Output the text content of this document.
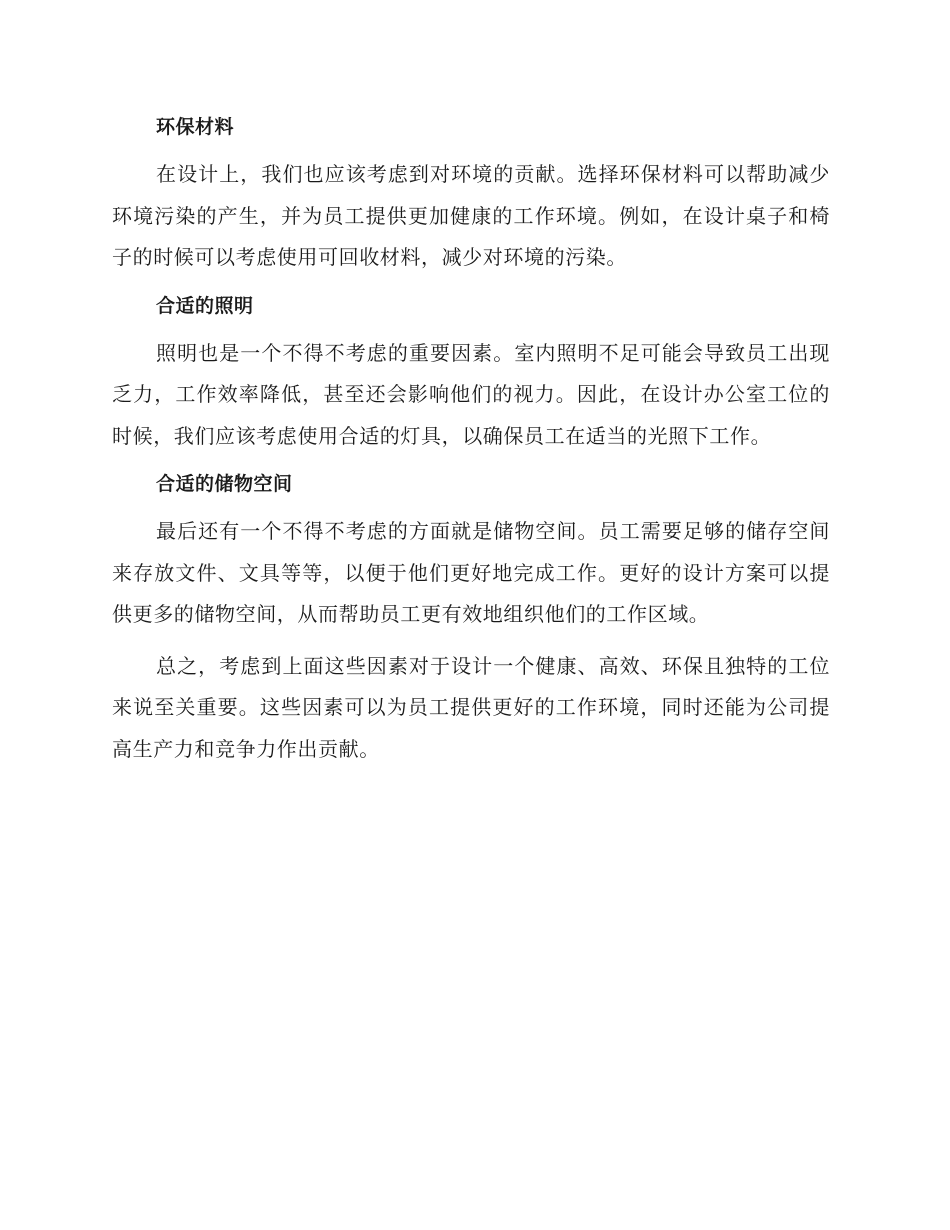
环保材料

在设计上，我们也应该考虑到对环境的贡献。选择环保材料可以帮助减少环境污染的产生，并为员工提供更加健康的工作环境。例如，在设计桌子和椅子的时候可以考虑使用可回收材料，减少对环境的污染。

合适的照明

照明也是一个不得不考虑的重要因素。室内照明不足可能会导致员工出现乏力，工作效率降低，甚至还会影响他们的视力。因此，在设计办公室工位的时候，我们应该考虑使用合适的灯具，以确保员工在适当的光照下工作。

合适的储物空间

最后还有一个不得不考虑的方面就是储物空间。员工需要足够的储存空间来存放文件、文具等等，以便于他们更好地完成工作。更好的设计方案可以提供更多的储物空间，从而帮助员工更有效地组织他们的工作区域。

总之，考虑到上面这些因素对于设计一个健康、高效、环保且独特的工位来说至关重要。这些因素可以为员工提供更好的工作环境，同时还能为公司提高生产力和竞争力作出贡献。
